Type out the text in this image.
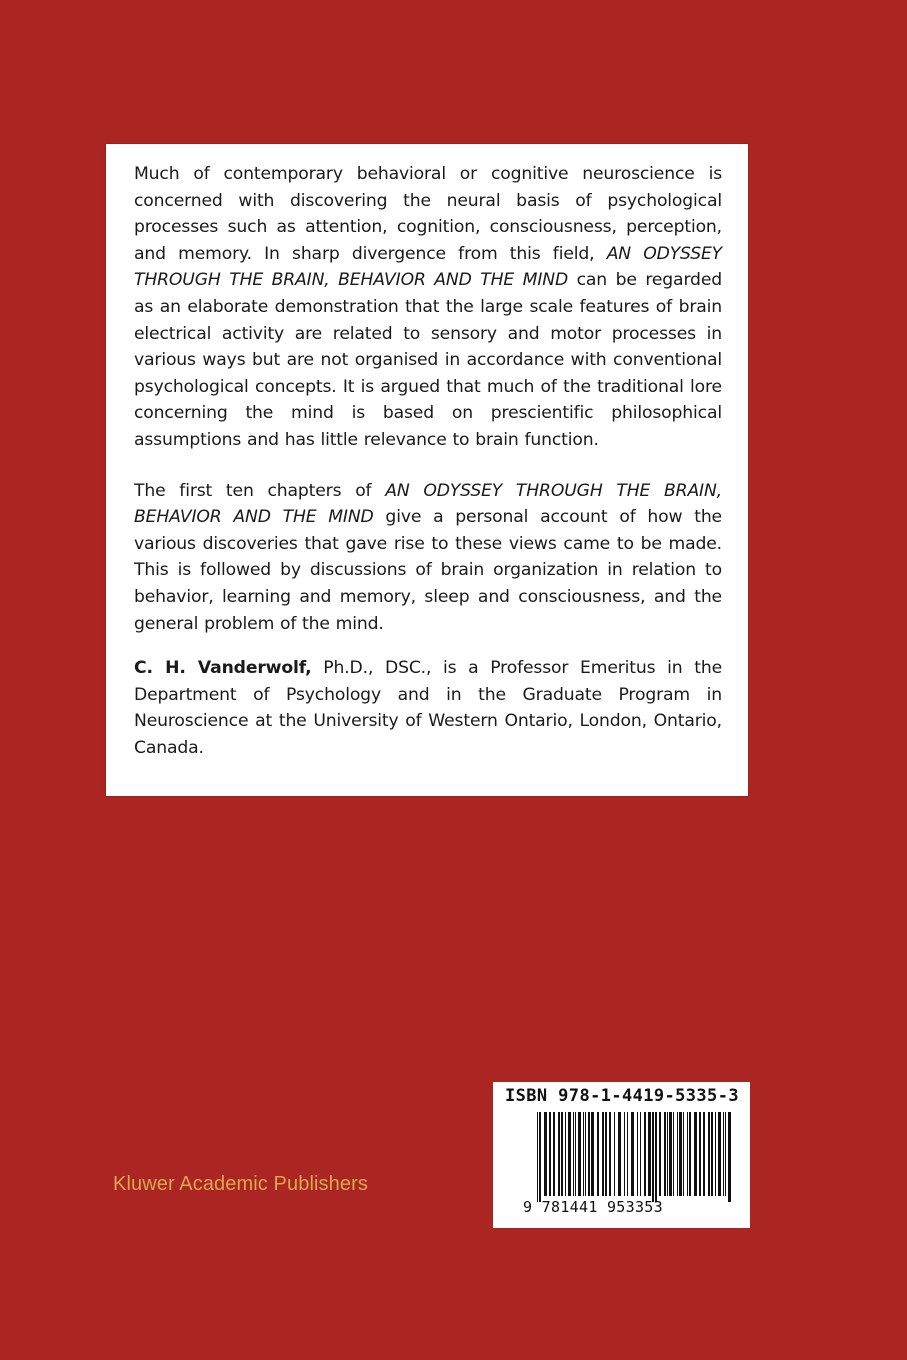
Much of contemporary behavioral or cognitive neuroscience is concerned with discovering the neural basis of psychological processes such as attention, cognition, consciousness, perception, and memory. In sharp divergence from this field, AN ODYSSEY THROUGH THE BRAIN, BEHAVIOR AND THE MIND can be regarded as an elaborate demonstration that the large scale features of brain electrical activity are related to sensory and motor processes in various ways but are not organised in accordance with conventional psychological concepts. It is argued that much of the traditional lore concerning the mind is based on prescientific philosophical assumptions and has little relevance to brain function.

The first ten chapters of AN ODYSSEY THROUGH THE BRAIN, BEHAVIOR AND THE MIND give a personal account of how the various discoveries that gave rise to these views came to be made. This is followed by discussions of brain organization in relation to behavior, learning and memory, sleep and consciousness, and the general problem of the mind.

C. H. Vanderwolf, Ph.D., DSC., is a Professor Emeritus in the Department of Psychology and in the Graduate Program in Neuroscience at the University of Western Ontario, London, Ontario, Canada.

Kluwer Academic Publishers
ISBN 978-1-4419-5335-3
9 781441 953353
